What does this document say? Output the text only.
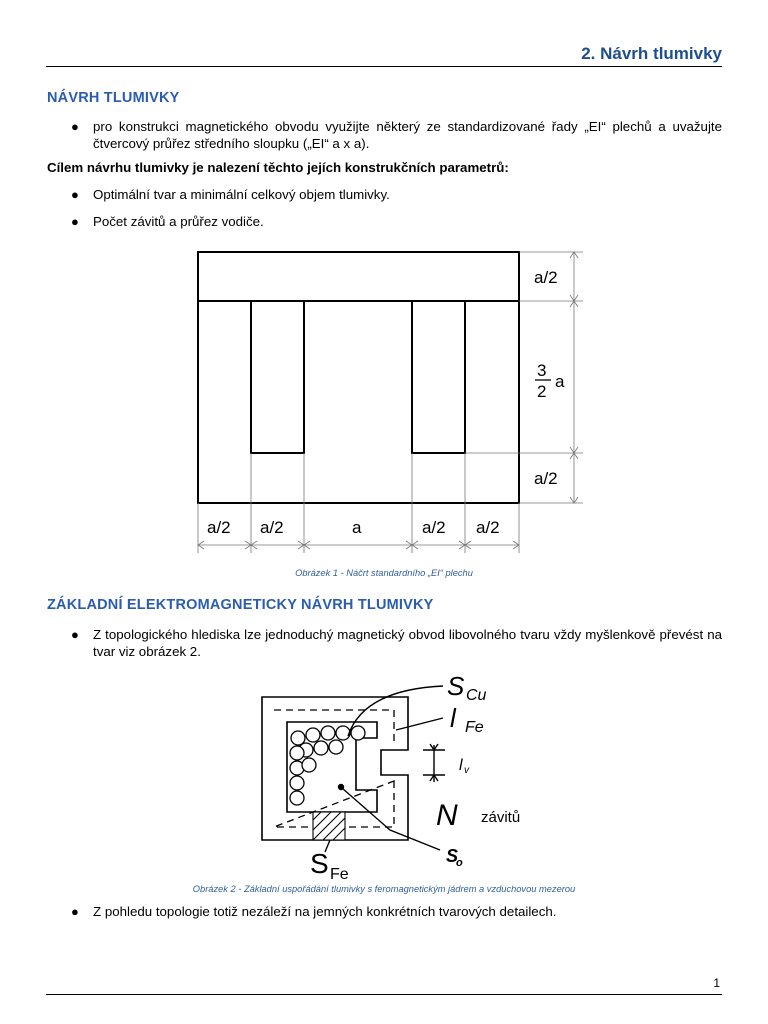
2. Návrh tlumivky
NÁVRH TLUMIVKY
● pro konstrukci magnetického obvodu využijte některý ze standardizované řady „EI“ plechů a uvažujte čtvercový průřez středního sloupku („EI“ a x a).
Cílem návrhu tlumivky je nalezení těchto jejích konstrukčních parametrů:
● Optimální tvar a minimální celkový objem tlumivky.
● Počet závitů a průřez vodiče.
a/2
3
2
a
a/2
a/2 a/2	a	a/2 a/2
Obrázek 1 - Náčrt standardního „EI“ plechu
ZÁKLADNÍ ELEKTROMAGNETICKY NÁVRH TLUMIVKY
● Z topologického hlediska lze jednoduchý magnetický obvod libovolného tvaru vždy myšlenkově převést na tvar viz obrázek 2.
S Cu
l Fe
l v
N závitů
S Fe
S
o
Obrázek 2 - Základní uspořádání tlumivky s feromagnetickým jádrem a vzduchovou mezerou
● Z pohledu topologie totiž nezáleží na jemných konkrétních tvarových detailech.
1
